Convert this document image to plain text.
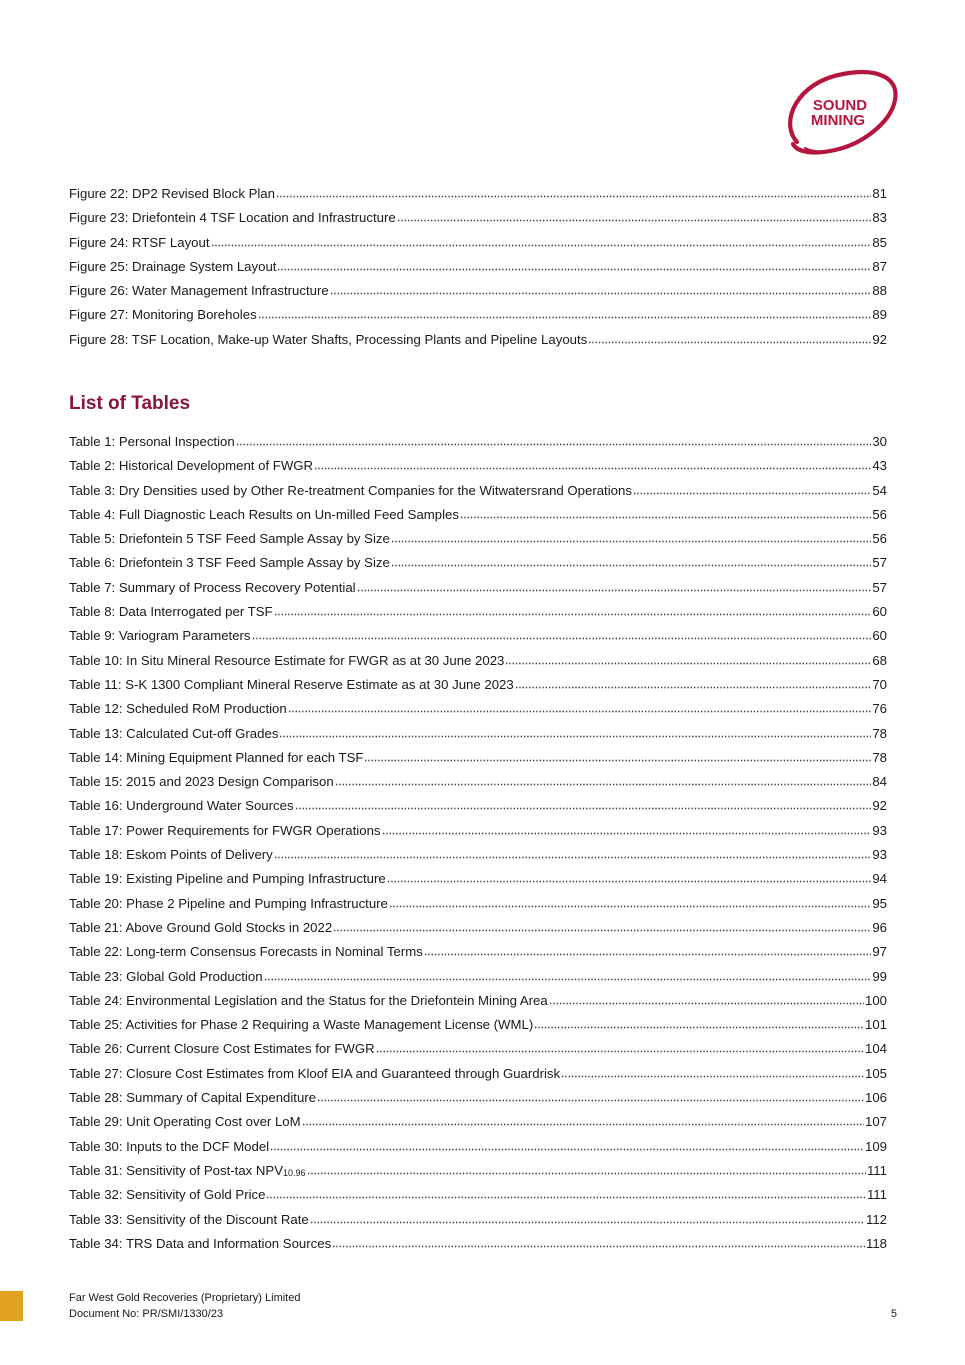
SOUND
MINING
Figure 22: DP2 Revised Block Plan	81
Figure 23: Driefontein 4 TSF Location and Infrastructure	83
Figure 24: RTSF Layout	85
Figure 25: Drainage System Layout	87
Figure 26: Water Management Infrastructure	88
Figure 27: Monitoring Boreholes	89
Figure 28: TSF Location, Make-up Water Shafts, Processing Plants and Pipeline Layouts	92
List of Tables
Table 1: Personal Inspection	30
Table 2: Historical Development of FWGR	43
Table 3: Dry Densities used by Other Re-treatment Companies for the Witwatersrand Operations	54
Table 4: Full Diagnostic Leach Results on Un-milled Feed Samples	56
Table 5: Driefontein 5 TSF Feed Sample Assay by Size	56
Table 6: Driefontein 3 TSF Feed Sample Assay by Size	57
Table 7: Summary of Process Recovery Potential	57
Table 8: Data Interrogated per TSF	60
Table 9: Variogram Parameters	60
Table 10: In Situ Mineral Resource Estimate for FWGR as at 30 June 2023	68
Table 11: S-K 1300 Compliant Mineral Reserve Estimate as at 30 June 2023	70
Table 12: Scheduled RoM Production	76
Table 13: Calculated Cut-off Grades	78
Table 14: Mining Equipment Planned for each TSF	78
Table 15: 2015 and 2023 Design Comparison	84
Table 16: Underground Water Sources	92
Table 17: Power Requirements for FWGR Operations	93
Table 18: Eskom Points of Delivery	93
Table 19: Existing Pipeline and Pumping Infrastructure	94
Table 20: Phase 2 Pipeline and Pumping Infrastructure	95
Table 21: Above Ground Gold Stocks in 2022	96
Table 22: Long-term Consensus Forecasts in Nominal Terms	97
Table 23: Global Gold Production	99
Table 24: Environmental Legislation and the Status for the Driefontein Mining Area	100
Table 25: Activities for Phase 2 Requiring a Waste Management License (WML)	101
Table 26: Current Closure Cost Estimates for FWGR	104
Table 27: Closure Cost Estimates from Kloof EIA and Guaranteed through Guardrisk	105
Table 28: Summary of Capital Expenditure	106
Table 29: Unit Operating Cost over LoM	107
Table 30: Inputs to the DCF Model	109
Table 31: Sensitivity of Post-tax $NPV_{10.96}$	111
Table 32: Sensitivity of Gold Price	111
Table 33: Sensitivity of the Discount Rate	112
Table 34: TRS Data and Information Sources	118
Far West Gold Recoveries (Proprietary) Limited
Document No: PR/SMI/1330/23	5
